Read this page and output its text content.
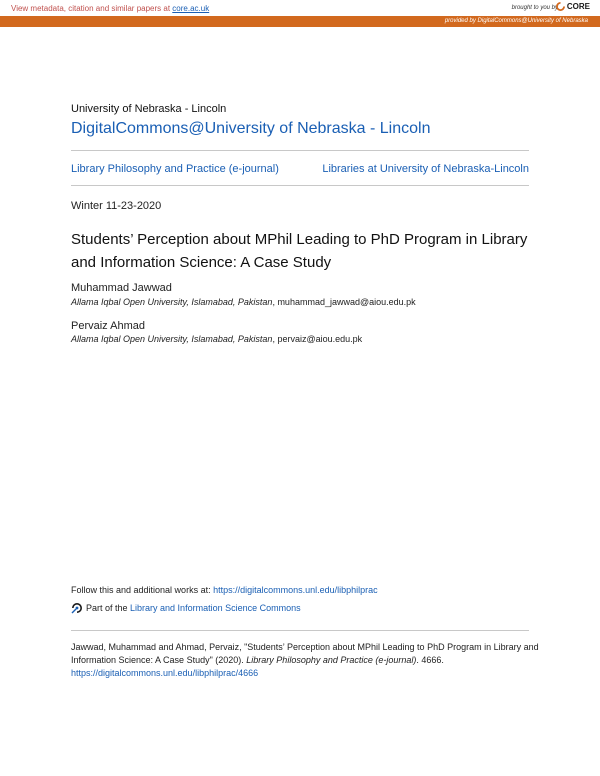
View metadata, citation and similar papers at core.ac.uk	brought to you by CORE
provided by DigitalCommons@University of Nebraska
University of Nebraska - Lincoln
DigitalCommons@University of Nebraska - Lincoln
Library Philosophy and Practice (e-journal)	Libraries at University of Nebraska-Lincoln
Winter 11-23-2020
Students’ Perception about MPhil Leading to PhD Program in Library and Information Science: A Case Study
Muhammad Jawwad
Allama Iqbal Open University, Islamabad, Pakistan, muhammad_jawwad@aiou.edu.pk
Pervaiz Ahmad
Allama Iqbal Open University, Islamabad, Pakistan, pervaiz@aiou.edu.pk
Follow this and additional works at: https://digitalcommons.unl.edu/libphilprac
Part of the Library and Information Science Commons
Jawwad, Muhammad and Ahmad, Pervaiz, "Students’ Perception about MPhil Leading to PhD Program in Library and Information Science: A Case Study" (2020). Library Philosophy and Practice (e-journal). 4666.
https://digitalcommons.unl.edu/libphilprac/4666
